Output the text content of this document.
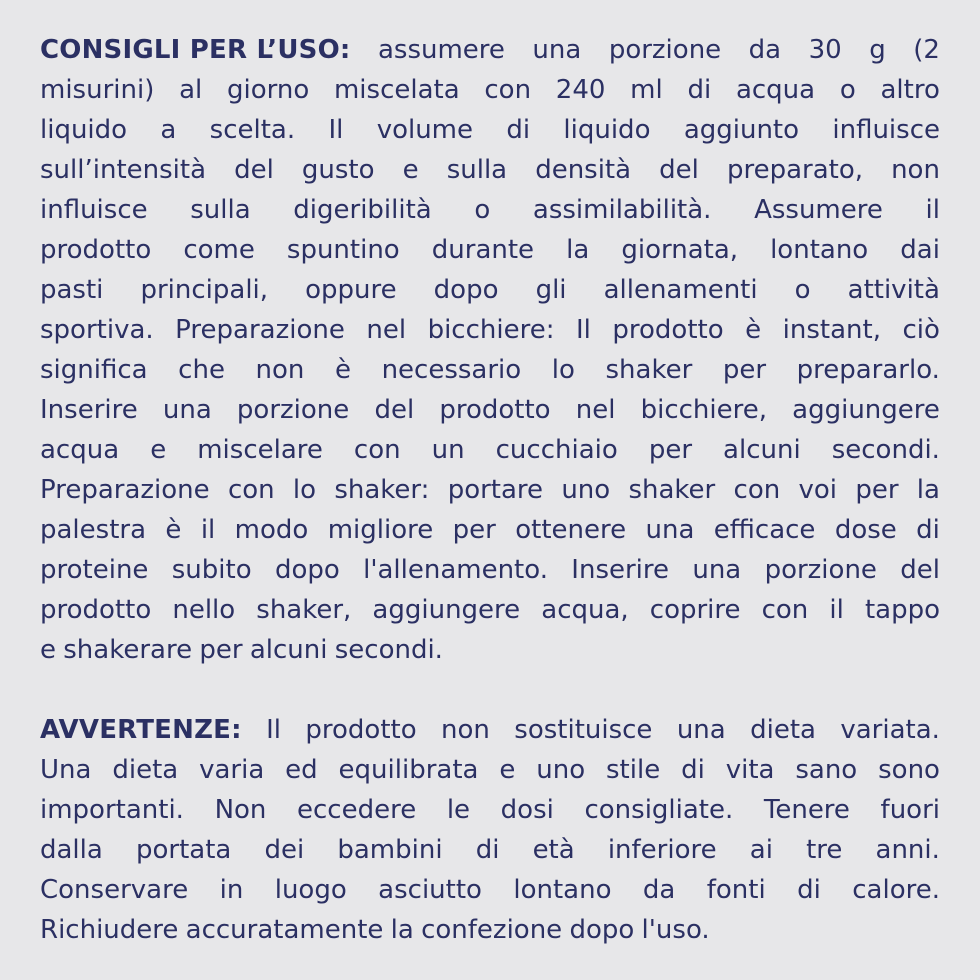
CONSIGLI PER L’USO: assumere una porzione da 30 g (2
misurini) al giorno miscelata con 240 ml di acqua o altro
liquido a scelta. Il volume di liquido aggiunto influisce
sull’intensità del gusto e sulla densità del preparato, non
influisce sulla digeribilità o assimilabilità. Assumere il
prodotto come spuntino durante la giornata, lontano dai
pasti principali, oppure dopo gli allenamenti o attività
sportiva. Preparazione nel bicchiere: Il prodotto è instant, ciò
significa che non è necessario lo shaker per prepararlo.
Inserire una porzione del prodotto nel bicchiere, aggiungere
acqua e miscelare con un cucchiaio per alcuni secondi.
Preparazione con lo shaker: portare uno shaker con voi per la
palestra è il modo migliore per ottenere una efficace dose di
proteine subito dopo l'allenamento. Inserire una porzione del
prodotto nello shaker, aggiungere acqua, coprire con il tappo
e shakerare per alcuni secondi.
AVVERTENZE: Il prodotto non sostituisce una dieta variata.
Una dieta varia ed equilibrata e uno stile di vita sano sono
importanti. Non eccedere le dosi consigliate. Tenere fuori
dalla portata dei bambini di età inferiore ai tre anni.
Conservare in luogo asciutto lontano da fonti di calore.
Richiudere accuratamente la confezione dopo l'uso.
